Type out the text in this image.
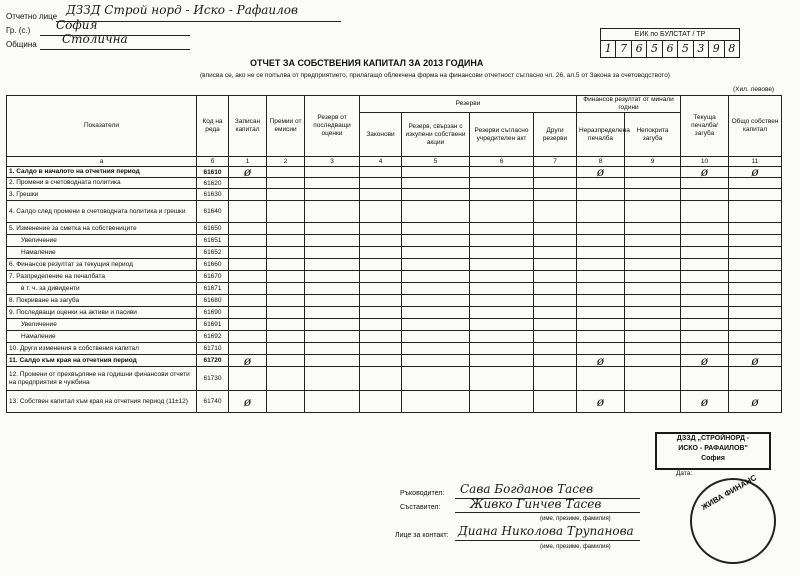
Отчетно лице ДЗЗД Строй норд - Иско - Рафаилов
Гр. (с.) София
Община Столична	ЕИК по БУЛСТАТ / ТР
1 7 6 5 6 5 3 9 8
ОТЧЕТ ЗА СОБСТВЕНИЯ КАПИТАЛ ЗА 2013 ГОДИНА
(вписва се, ако не се попълва от предприятието, прилагащо облекчена форма на финансови отчетност съгласно чл. 26, ал.5 от Закона за счетоводството)
(Хил. левове)
Показатели	Код на реда	Записан капитал	Премии от емисии	Резерв от последващи оценки	Резерви				Финансов резултат от минали години		Текуща печалба/ загуба	Общо собствен капитал
					Законови	Резерв, свързан с изкупени собствени акции	Резерви съгласно учредителен акт	Други резерви	Неразпределена печалба	Непокрита загуба		
а	б	1	2	3	4	5	6	7	8	9	10	11
1. Салдо в началото на отчетния период	61610	ø							ø		ø	ø
2. Промени в счетоводната политика	61620											
3. Грешки	61630											
4. Салдо след промени в счетоводната политика и грешки	61640											
5. Изменение за сметка на собствениците	61650											
Увеличение	61651											
Намаление	61652											
6. Финансов резултат за текущия период	61660											
7. Разпределение на печалбата	61670											
в т. ч. за дивиденти	61671											
8. Покриване на загуба	61680											
9. Последващи оценки на активи и пасиви	61690											
Увеличение	61691											
Намаление	61692											
10. Други изменения в собствения капитал	61710											
11. Салдо към края на отчетния период	61720	ø							ø		ø	ø
12. Промени от прехвърляне на годишни финансови отчети на предприятия в чужбина	61730											
13. Собствен капитал към края на отчетния период (11±12)	61740	ø							ø		ø	ø
Ръководител: Сава Богданов Тасев
Съставител: Живко Гинчев Тасев
(име, презиме, фамилия)
Лице за контакт: Диана Николова Трупанова
(име, презиме, фамилия)
ДЗЗД „СТРОЙНОРД -
ИСКО - РАФАИЛОВ"
София
Дата: ЖИВА ФИНАНС
